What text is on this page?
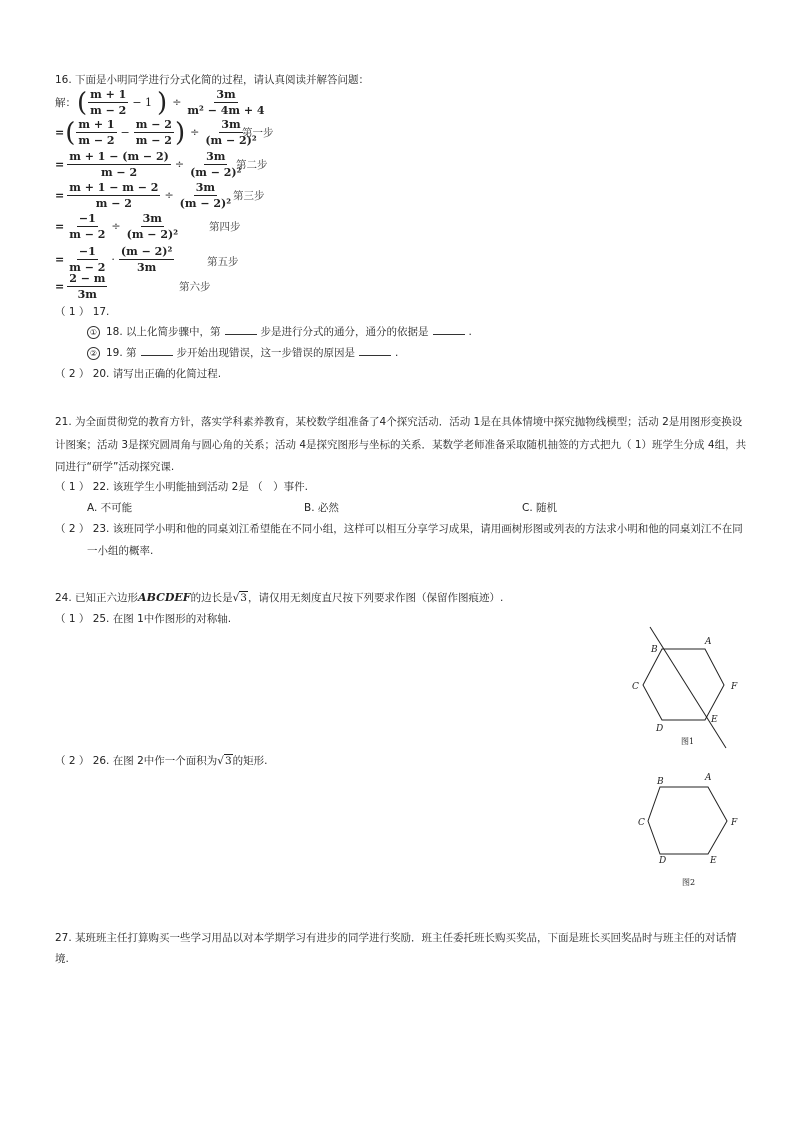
16. 下面是小明同学进行分式化简的过程，请认真阅读并解答问题：
解： ( $\frac{m + 1}{m - 2} - 1$ ) ÷ $\frac{3m}{\text{m² − 4m + 4}}$
= ( $\frac{m + 1}{m - 2} - \frac{m - 2}{m - 2}$ ) ÷ $\frac{3m}{\text{(m − 2)²}}$
第一步
= $\frac{m + 1 - (m - 2)}{m - 2} \div \frac{3m}{\text{(m − 2)²}}$
第二步
= $\frac{m + 1 - m - 2}{m - 2} \div \frac{3m}{\text{(m − 2)²}}$ 第三步
= $\frac{-1}{m - 2} \div \frac{3m}{\text{(m − 2)²}}$	第四步
= $\frac{-1}{m - 2} \cdot \frac{\text{(m − 2)²}}{3m}$	第五步
= $\frac{2 - m}{3m}$	第六步
（ 1 ） 17.
① 18. 以上化简步骤中，第	步是进行分式的通分，通分的依据是	.
② 19. 第	步开始出现错误，这一步错误的原因是	.
（ 2 ） 20. 请写出正确的化简过程.
21. 为全面贯彻党的教育方针，落实学科素养教育，某校数学组准备了4个探究活动．活动 1是在具体情境中探究抛物线模型；活动 2是用图形变换设
计图案；活动 3是探究圆周角与圆心角的关系；活动 4是探究图形与坐标的关系．某数学老师准备采取随机抽签的方式把九（ 1）班学生分成 4组，共
同进行“研学”活动探究课.
（ 1 ） 22. 该班学生小明能抽到活动 2是 （　）事件.
A. 不可能	B. 必然	C. 随机
（ 2 ） 23. 该班同学小明和他的同桌刘江希望能在不同小组，这样可以相互分享学习成果，请用画树形图或列表的方法求小明和他的同桌刘江不在同
一小组的概率.
24. 已知正六边形ABCDEF的边长是√3，请仅用无刻度直尺按下列要求作图（保留作图痕迹）.
（ 1 ） 25. 在图 1中作图形的对称轴.
A
B
C
D
E
F
图1
（ 2 ） 26. 在图 2中作一个面积为√3的矩形.
A
B
C
D	E
F
图2
27. 某班班主任打算购买一些学习用品以对本学期学习有进步的同学进行奖励．班主任委托班长购买奖品，下面是班长买回奖品时与班主任的对话情
境.
